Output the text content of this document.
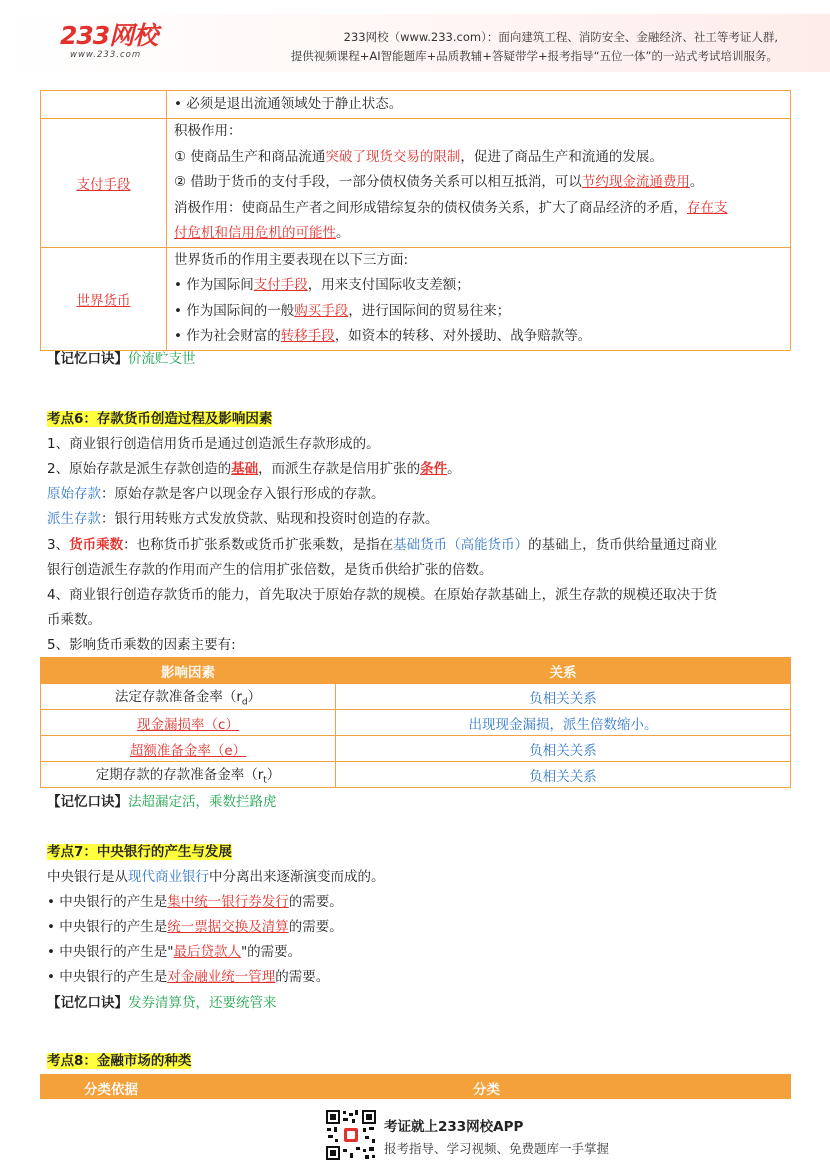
233网校
www.233.com
233网校（www.233.com）：面向建筑工程、消防安全、金融经济、社工等考证人群,
提供视频课程+AI智能题库+品质教辅+答疑带学+报考指导“五位一体”的一站式考试培训服务。

	• 必须是退出流通领域处于静止状态。

支付手段	积极作用：
① 使商品生产和商品流通突破了现货交易的限制，促进了商品生产和流通的发展。
② 借助于货币的支付手段，一部分债权债务关系可以相互抵消，可以节约现金流通费用。
消极作用：使商品生产者之间形成错综复杂的债权债务关系，扩大了商品经济的矛盾，存在支
付危机和信用危机的可能性。

世界货币	世界货币的作用主要表现在以下三方面:
• 作为国际间支付手段，用来支付国际收支差额；
• 作为国际间的一般购买手段，进行国际间的贸易往来；
• 作为社会财富的转移手段，如资本的转移、对外援助、战争赔款等。
【记忆口诀】价流贮支世
考点6：存款货币创造过程及影响因素
1、商业银行创造信用货币是通过创造派生存款形成的。
2、原始存款是派生存款创造的基础，而派生存款是信用扩张的条件。
原始存款：原始存款是客户以现金存入银行形成的存款。
派生存款：银行用转账方式发放贷款、贴现和投资时创造的存款。
3、货币乘数：也称货币扩张系数或货币扩张乘数，是指在基础货币（高能货币）的基础上，货币供给量通过商业
银行创造派生存款的作用而产生的信用扩张倍数，是货币供给扩张的倍数。
4、商业银行创造存款货币的能力，首先取决于原始存款的规模。在原始存款基础上，派生存款的规模还取决于货
币乘数。
5、影响货币乘数的因素主要有:
影响因素	关系
法定存款准备金率$(r_d)$	负相关关系
现金漏损率（c）	出现现金漏损，派生倍数缩小。
超额准备金率（e）	负相关关系
定期存款的存款准备金率$(r_t)$	负相关关系
【记忆口诀】法超漏定活，乘数拦路虎
考点7：中央银行的产生与发展
中央银行是从现代商业银行中分离出来逐渐演变而成的。
• 中央银行的产生是集中统一银行券发行的需要。
• 中央银行的产生是统一票据交换及清算的需要。
• 中央银行的产生是"最后贷款人"的需要。
• 中央银行的产生是对金融业统一管理的需要。
【记忆口诀】发券清算贷，还要统管来
考点8：金融市场的种类
分类依据	分类
考证就上233网校APP
报考指导、学习视频、免费题库一手掌握
